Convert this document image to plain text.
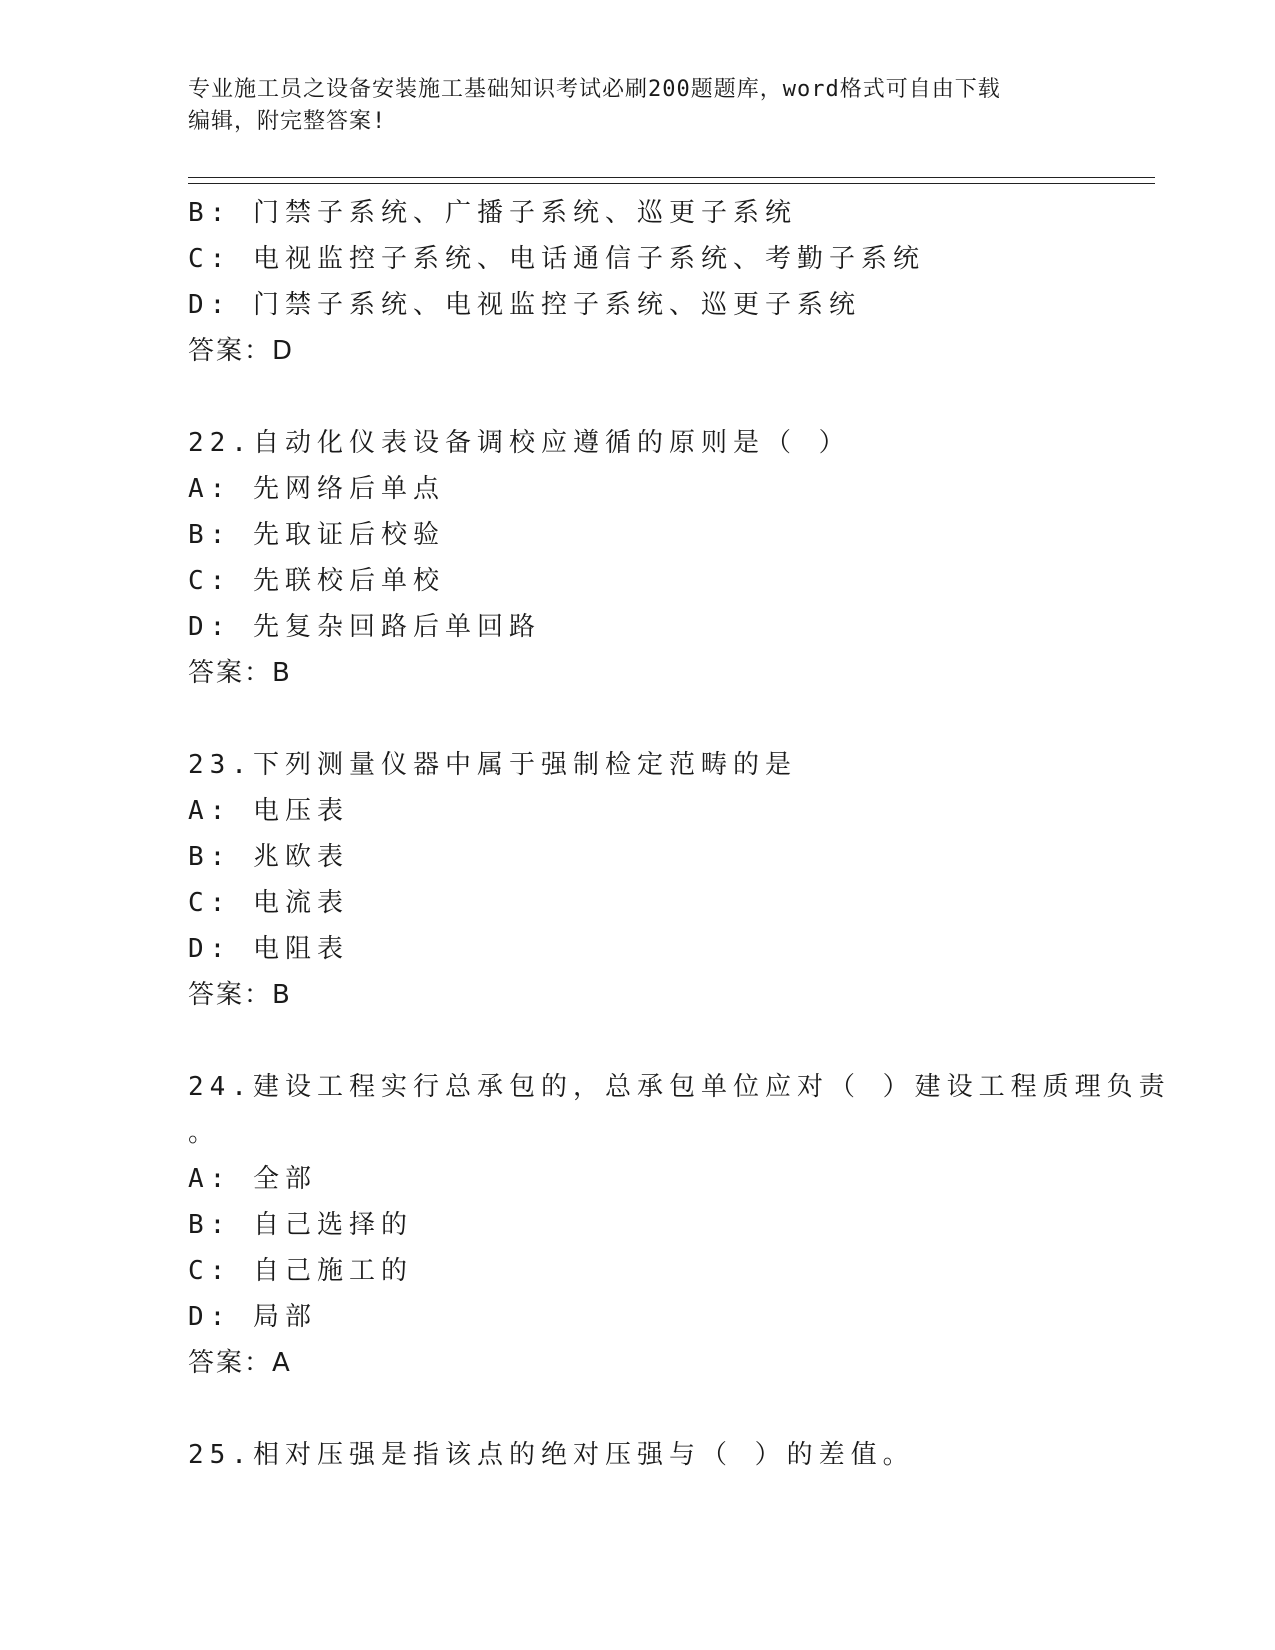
专业施工员之设备安装施工基础知识考试必刷200题题库，word格式可自由下载
编辑，附完整答案!
B: 门禁子系统、广播子系统、巡更子系统
C: 电视监控子系统、电话通信子系统、考勤子系统
D: 门禁子系统、电视监控子系统、巡更子系统
答案：D
22.自动化仪表设备调校应遵循的原则是（ ）
A: 先网络后单点
B: 先取证后校验
C: 先联校后单校
D: 先复杂回路后单回路
答案：B
23.下列测量仪器中属于强制检定范畴的是
A: 电压表
B: 兆欧表
C: 电流表
D: 电阻表
答案：B
24.建设工程实行总承包的，总承包单位应对（ ）建设工程质理负责
。
A: 全部
B: 自己选择的
C: 自己施工的
D: 局部
答案：A
25.相对压强是指该点的绝对压强与（ ）的差值。
